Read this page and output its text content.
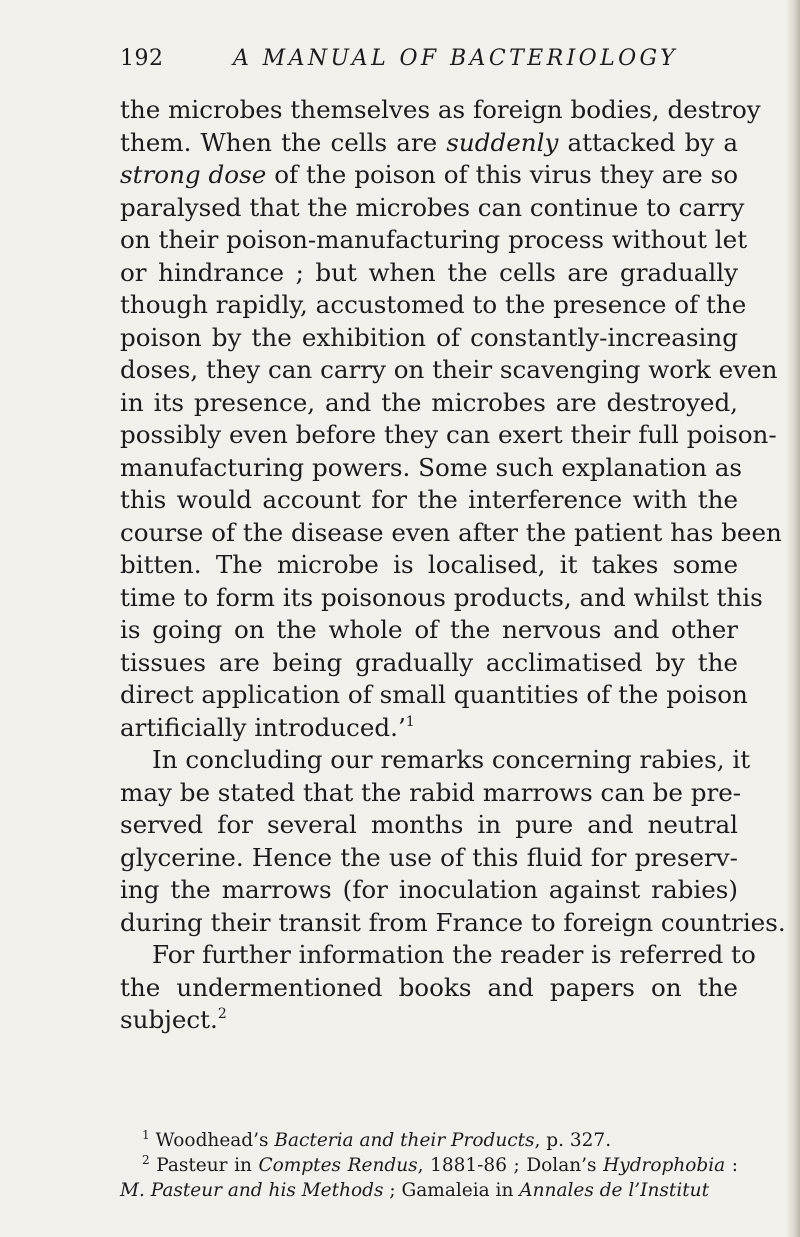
192	A MANUAL OF BACTERIOLOGY
the microbes themselves as foreign bodies, destroy
them. When the cells are suddenly attacked by a
strong dose of the poison of this virus they are so
paralysed that the microbes can continue to carry
on their poison-manufacturing process without let
or hindrance ; but when the cells are gradually
though rapidly, accustomed to the presence of the
poison by the exhibition of constantly-increasing
doses, they can carry on their scavenging work even
in its presence, and the microbes are destroyed,
possibly even before they can exert their full poison-
manufacturing powers. Some such explanation as
this would account for the interference with the
course of the disease even after the patient has been
bitten. The microbe is localised, it takes some
time to form its poisonous products, and whilst this
is going on the whole of the nervous and other
tissues are being gradually acclimatised by the
direct application of small quantities of the poison
artificially introduced.’$^1$
In concluding our remarks concerning rabies, it
may be stated that the rabid marrows can be pre-
served for several months in pure and neutral
glycerine. Hence the use of this fluid for preserv-
ing the marrows (for inoculation against rabies)
during their transit from France to foreign countries.
For further information the reader is referred to
the undermentioned books and papers on the
subject.$^2$
$^1$ Woodhead’s Bacteria and their Products, p. 327.
$^2$ Pasteur in Comptes Rendus, 1881-86 ; Dolan’s Hydrophobia :
M. Pasteur and his Methods ; Gamaleia in Annales de l’Institut
